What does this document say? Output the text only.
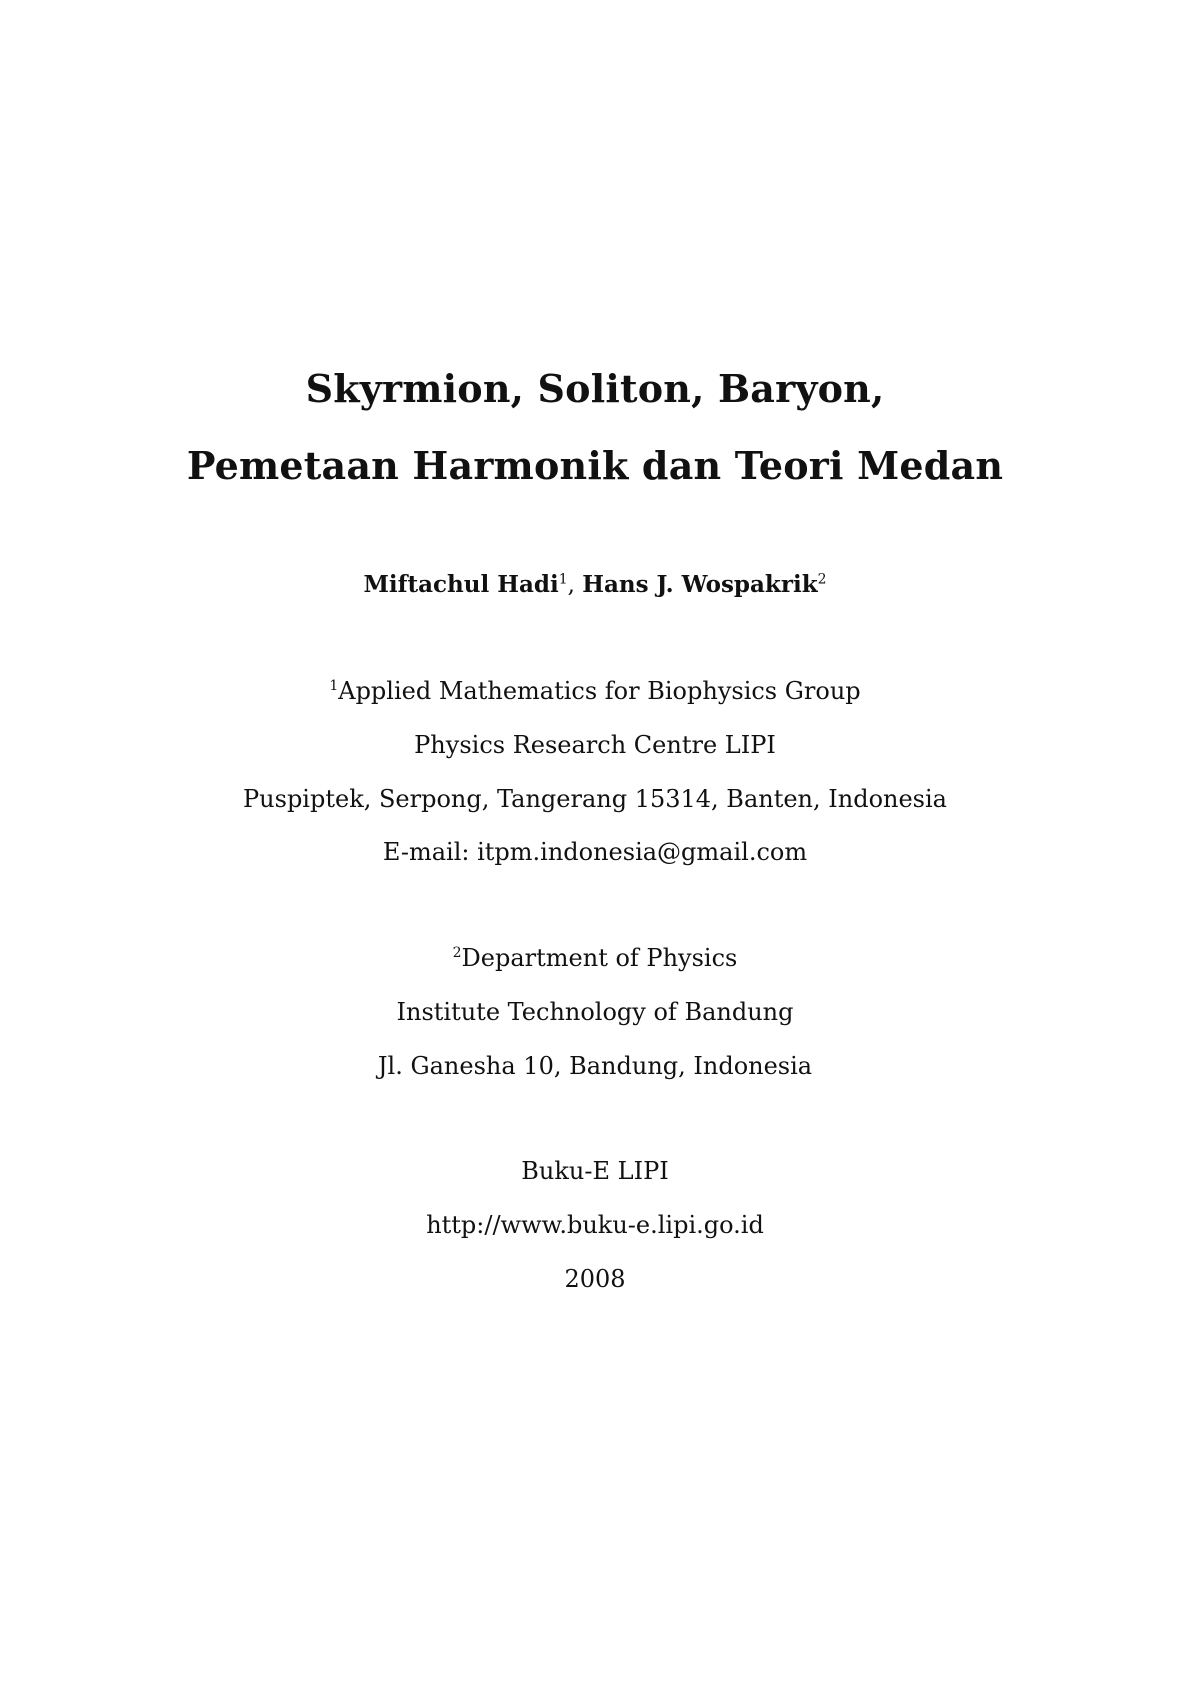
Skyrmion, Soliton, Baryon,
Pemetaan Harmonik dan Teori Medan
Miftachul Hadi$^1$, Hans J. Wospakrik$^2$
$^1$Applied Mathematics for Biophysics Group
Physics Research Centre LIPI
Puspiptek, Serpong, Tangerang 15314, Banten, Indonesia
E-mail: itpm.indonesia@gmail.com
$^2$Department of Physics
Institute Technology of Bandung
Jl. Ganesha 10, Bandung, Indonesia
Buku-E LIPI
http://www.buku-e.lipi.go.id
2008
